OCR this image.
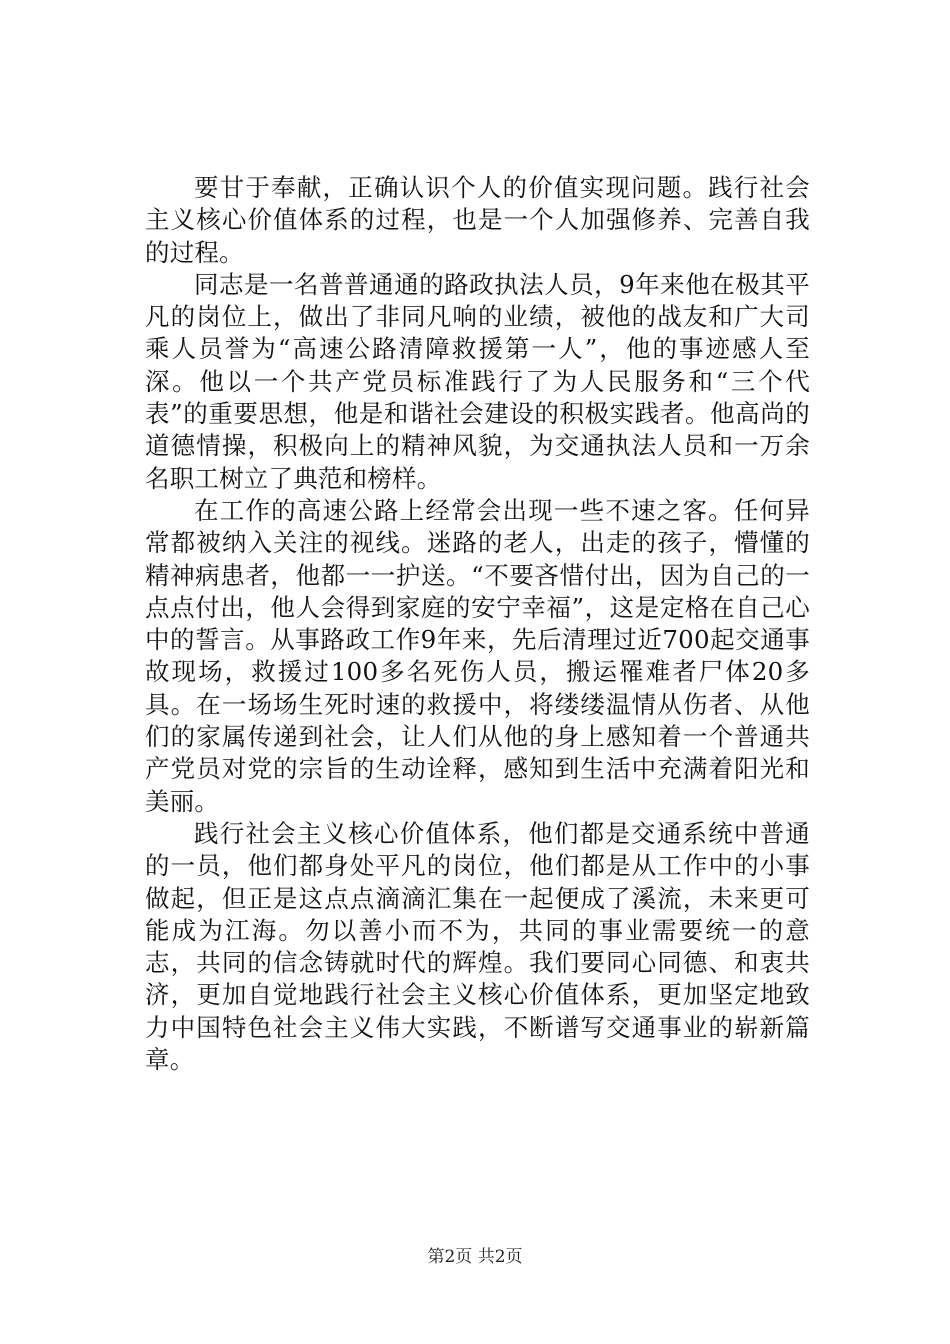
要甘于奉献，正确认识个人的价值实现问题。践行社会主义核心价值体系的过程，也是一个人加强修养、完善自我的过程。

同志是一名普普通通的路政执法人员，9年来他在极其平凡的岗位上，做出了非同凡响的业绩，被他的战友和广大司乘人员誉为“高速公路清障救援第一人”，他的事迹感人至深。他以一个共产党员标准践行了为人民服务和“三个代表”的重要思想，他是和谐社会建设的积极实践者。他高尚的道德情操，积极向上的精神风貌，为交通执法人员和一万余名职工树立了典范和榜样。

在工作的高速公路上经常会出现一些不速之客。任何异常都被纳入关注的视线。迷路的老人，出走的孩子，懵懂的精神病患者，他都一一护送。“不要吝惜付出，因为自己的一点点付出，他人会得到家庭的安宁幸福”，这是定格在自己心中的誓言。从事路政工作9年来，先后清理过近700起交通事故现场，救援过100多名死伤人员，搬运罹难者尸体20多具。在一场场生死时速的救援中，将缕缕温情从伤者、从他们的家属传递到社会，让人们从他的身上感知着一个普通共产党员对党的宗旨的生动诠释，感知到生活中充满着阳光和美丽。

践行社会主义核心价值体系，他们都是交通系统中普通的一员，他们都身处平凡的岗位，他们都是从工作中的小事做起，但正是这点点滴滴汇集在一起便成了溪流，未来更可能成为江海。勿以善小而不为，共同的事业需要统一的意志，共同的信念铸就时代的辉煌。我们要同心同德、和衷共济，更加自觉地践行社会主义核心价值体系，更加坚定地致力中国特色社会主义伟大实践，不断谱写交通事业的崭新篇章。

第2页 共2页
